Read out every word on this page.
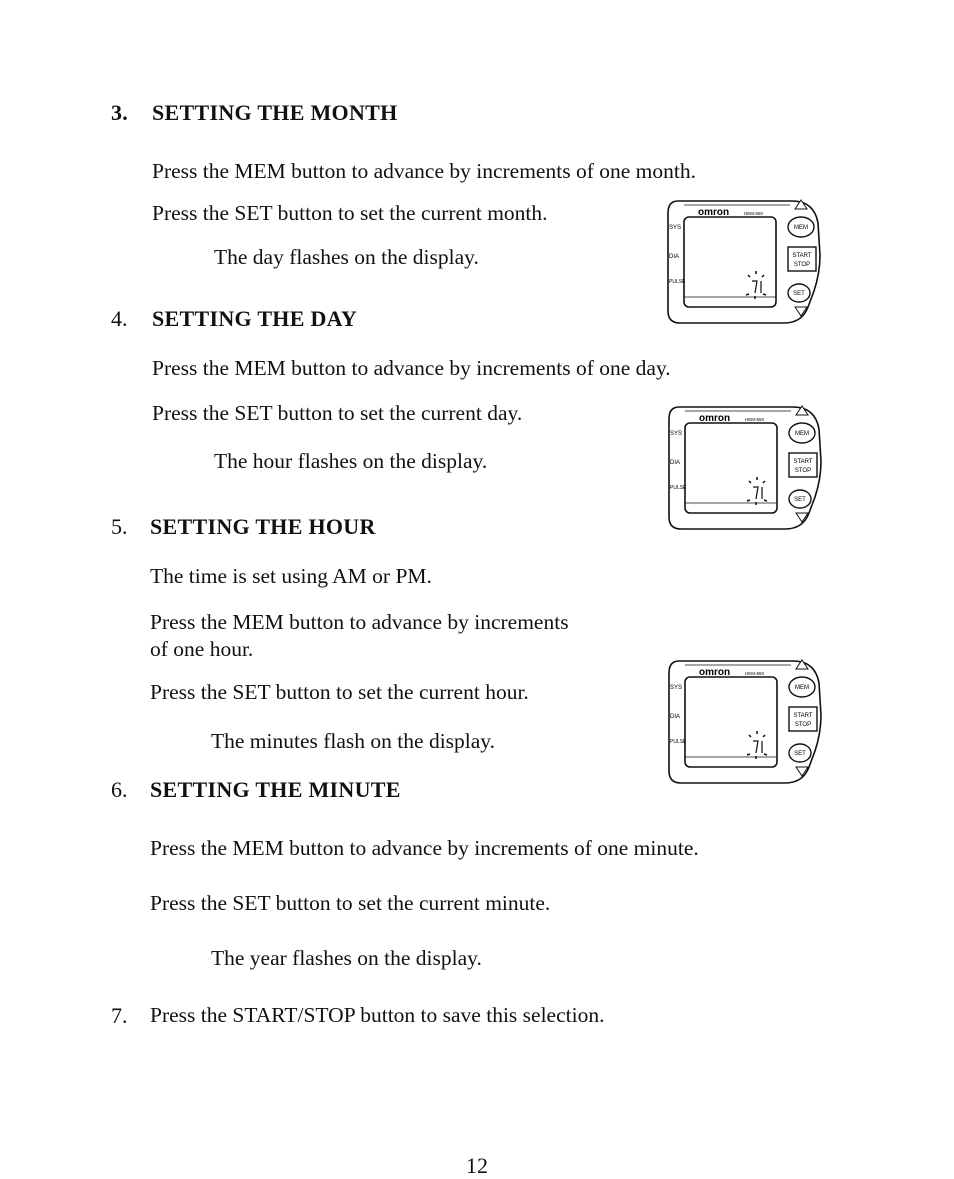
3. SETTING THE MONTH
Press the MEM button to advance by increments of one month.
Press the SET button to set the current month.
The day flashes on the display.
4. SETTING THE DAY
Press the MEM button to advance by increments of one day.
Press the SET button to set the current day.
The hour flashes on the display.
5. SETTING THE HOUR
The time is set using AM or PM.
Press the MEM button to advance by increments
of one hour.
Press the SET button to set the current hour.
The minutes flash on the display.
6. SETTING THE MINUTE
Press the MEM button to advance by increments of one minute.
Press the SET button to set the current minute.
The year flashes on the display.
7. Press the START/STOP button to save this selection.
12
omron	HEM-650
SYS
DIA
PULSE
MEM
START
STOP
SET
omron	HEM-650
SYS
DIA
PULSE
MEM
START
STOP
SET
omron	HEM-650
SYS
DIA
PULSE
MEM
START
STOP
SET
